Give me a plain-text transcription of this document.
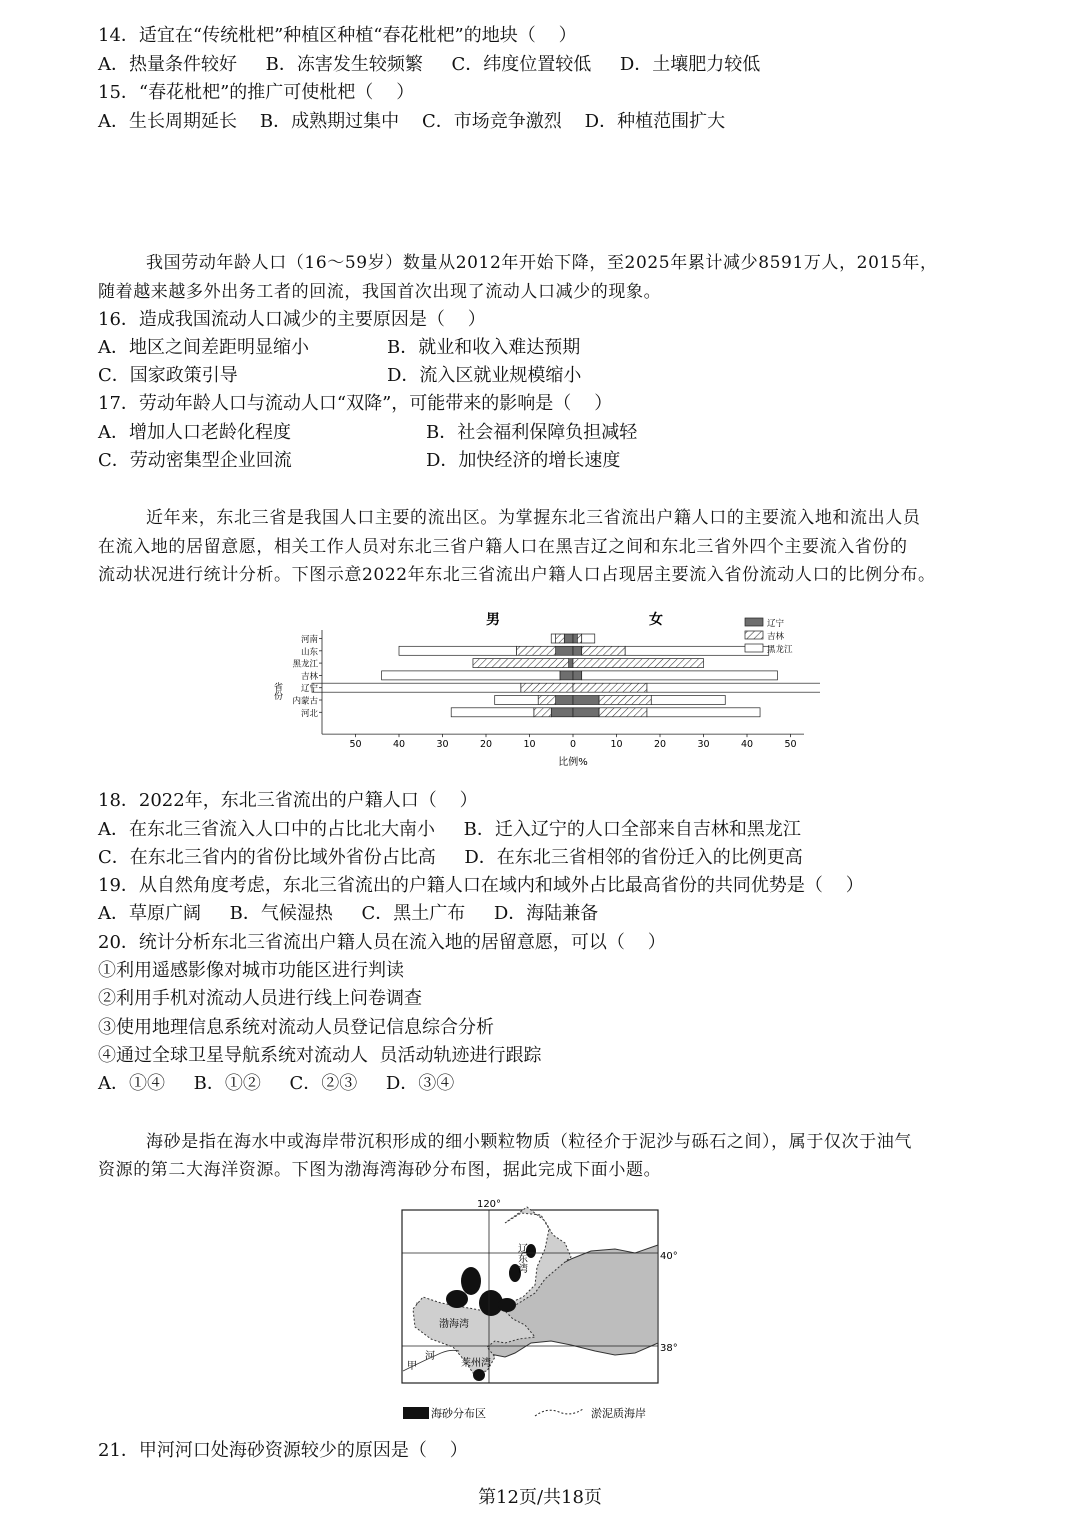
14．适宜在“传统枇杷”种植区种植“春花枇杷”的地块（    ）
A．热量条件较好     B．冻害发生较频繁     C．纬度位置较低     D．土壤肥力较低
15．“春花枇杷”的推广可使枇杷（    ）
A．生长周期延长    B．成熟期过集中    C．市场竞争激烈    D．种植范围扩大
我国劳动年龄人口（16～59岁）数量从2012年开始下降，至2025年累计减少8591万人，2015年，
随着越来越多外出务工者的回流，我国首次出现了流动人口减少的现象。
16．造成我国流动人口减少的主要原因是（    ）
A．地区之间差距明显缩小	B．就业和收入难达预期
C．国家政策引导	D．流入区就业规模缩小
17．劳动年龄人口与流动人口“双降”，可能带来的影响是（    ）
A．增加人口老龄化程度	B．社会福利保障负担减轻
C．劳动密集型企业回流	D．加快经济的增长速度
近年来，东北三省是我国人口主要的流出区。为掌握东北三省流出户籍人口的主要流入地和流出人员
在流入地的居留意愿，相关工作人员对东北三省户籍人口在黑吉辽之间和东北三省外四个主要流入省份的
流动状况进行统计分析。下图示意2022年东北三省流出户籍人口占现居主要流入省份流动人口的比例分布。
河南
山东
黑龙江
吉林
辽宁
内蒙古
河北
50	40	30	20	10	0	10	20	30	40	50
男	女
省份
比例%
辽宁
吉林
黑龙江
18．2022年，东北三省流出的户籍人口（    ）
A．在东北三省流入人口中的占比北大南小     B．迁入辽宁的人口全部来自吉林和黑龙江
C．在东北三省内的省份比域外省份占比高     D．在东北三省相邻的省份迁入的比例更高
19．从自然角度考虑，东北三省流出的户籍人口在域内和域外占比最高省份的共同优势是（    ）
A．草原广阔     B．气候湿热     C．黑土广布     D．海陆兼备
20．统计分析东北三省流出户籍人员在流入地的居留意愿，可以（    ）
①利用遥感影像对城市功能区进行判读
②利用手机对流动人员进行线上问卷调查
③使用地理信息系统对流动人员登记信息综合分析
④通过全球卫星导航系统对流动人  员活动轨迹进行跟踪
A．①④     B．①②     C．②③     D．③④
海砂是指在海水中或海岸带沉积形成的细小颗粒物质（粒径介于泥沙与砾石之间），属于仅次于油气
资源的第二大海洋资源。下图为渤海湾海砂分布图，据此完成下面小题。
120°
40°
38°
渤海湾
辽东湾
莱州湾
河
甲
海砂分布区	淤泥质海岸
21．甲河河口处海砂资源较少的原因是（    ）
第12页/共18页
